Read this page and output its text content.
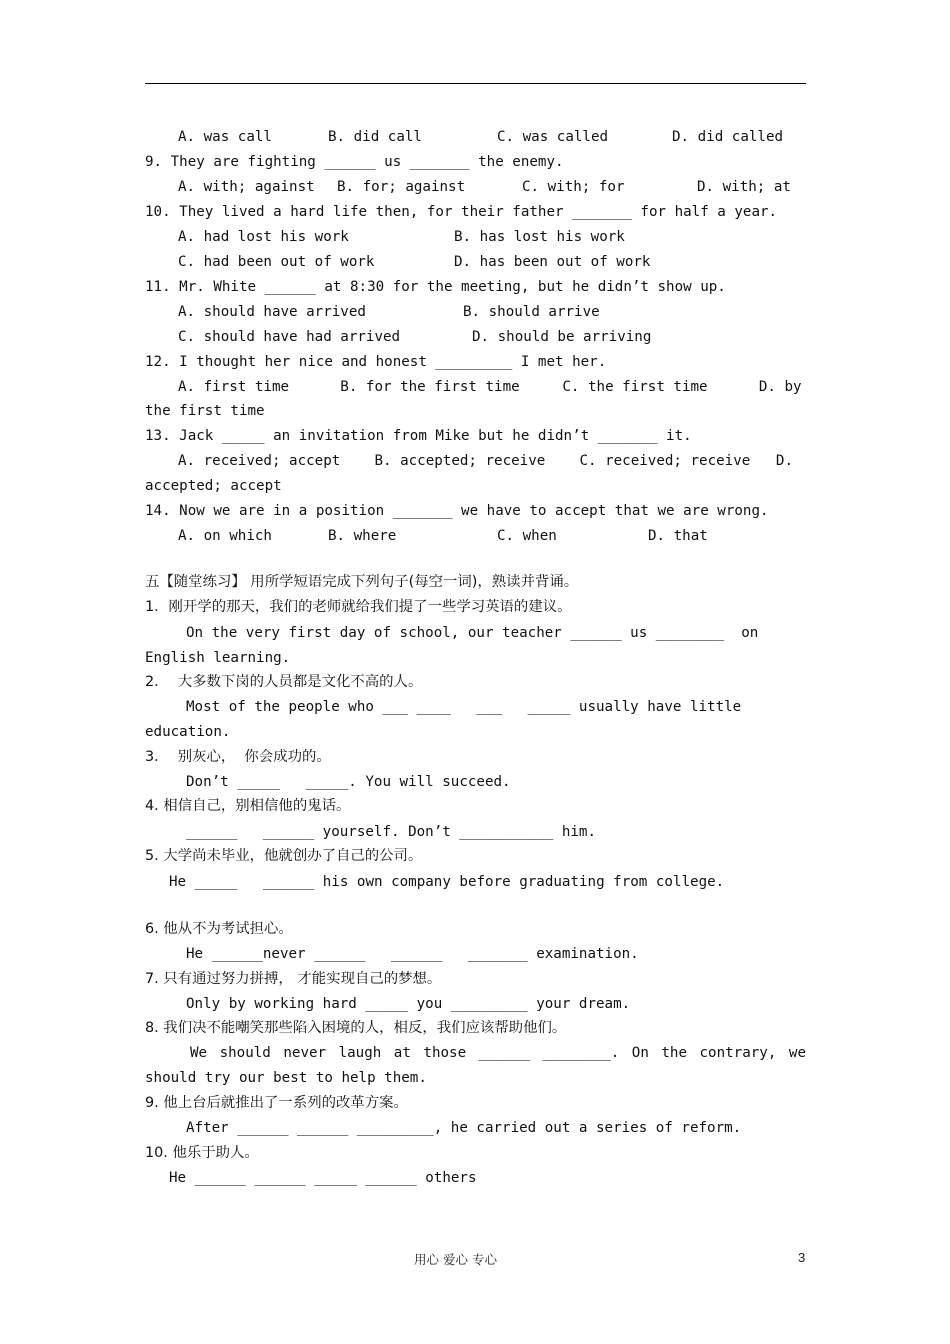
A. was call	B. did call	C. was called	D. did called
9. They are fighting ______ us _______ the enemy.
A. with; against B. for; against	C. with; for	D. with; at
10. They lived a hard life then, for their father _______ for half a year.
A. had lost his work	B. has lost his work
C. had been out of work	D. has been out of work
11. Mr. White ______ at 8:30 for the meeting, but he didn’t show up.
A. should have arrived	B. should arrive
C. should have had arrived	D. should be arriving
12. I thought her nice and honest _________ I met her.
A. first time      B. for the first time     C. the first time      D. by
the first time
13. Jack _____ an invitation from Mike but he didn’t _______ it.
A. received; accept    B. accepted; receive    C. received; receive   D.
accepted; accept
14. Now we are in a position _______ we have to accept that we are wrong.
A. on which	B. where	C. when	D. that
五【随堂练习】 用所学短语完成下列句子(每空一词)，熟读并背诵。
1．刚开学的那天，我们的老师就给我们提了一些学习英语的建议。
On the very first day of school, our teacher ______ us ________  on
English learning.
2．  大多数下岗的人员都是文化不高的人。
Most of the people who ___ ____   ___   _____ usually have little
education.
3．  别灰心，  你会成功的。
Don’t _____   _____. You will succeed.
4. 相信自己，别相信他的鬼话。
______   ______ yourself. Don’t ___________ him.
5. 大学尚未毕业，他就创办了自己的公司。
He _____   ______ his own company before graduating from college.
6. 他从不为考试担心。
He ______never ______   ______   _______ examination.
7. 只有通过努力拼搏， 才能实现自己的梦想。
Only by working hard _____ you _________ your dream.
8. 我们决不能嘲笑那些陷入困境的人，相反，我们应该帮助他们。
We should never laugh at those ______ ________. On the contrary, we
should try our best to help them.
9. 他上台后就推出了一系列的改革方案。
After ______ ______ _________, he carried out a series of reform.
10. 他乐于助人。
He ______ ______ _____ ______ others
用心 爱心 专心	3
